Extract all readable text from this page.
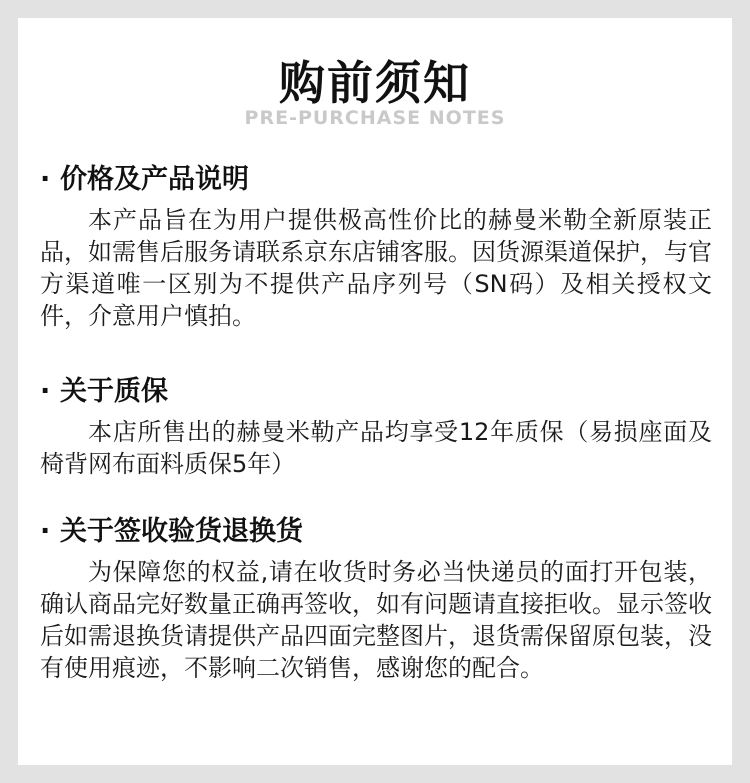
购前须知
PRE-PURCHASE NOTES
· 价格及产品说明
本产品旨在为用户提供极高性价比的赫曼米勒全新原装正品，如需售后服务请联系京东店铺客服。因货源渠道保护，与官方渠道唯一区别为不提供产品序列号（SN码）及相关授权文件，介意用户慎拍。
· 关于质保
本店所售出的赫曼米勒产品均享受12年质保（易损座面及椅背网布面料质保5年）
· 关于签收验货退换货
为保障您的权益,请在收货时务必当快递员的面打开包装，确认商品完好数量正确再签收，如有问题请直接拒收。显示签收后如需退换货请提供产品四面完整图片，退货需保留原包装，没有使用痕迹，不影响二次销售，感谢您的配合。
